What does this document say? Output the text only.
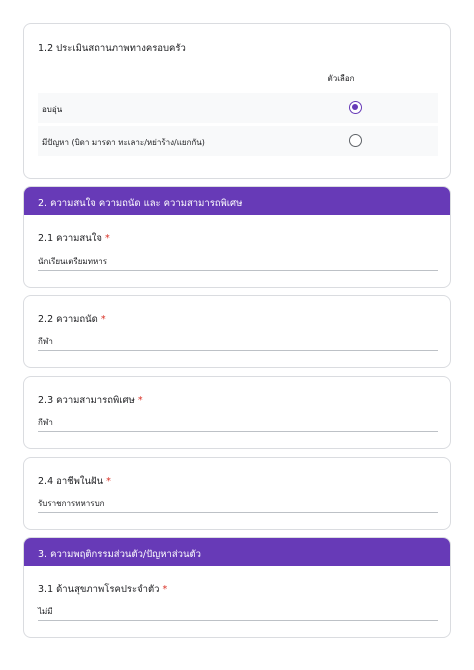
1.2 ประเมินสถานภาพทางครอบครัว
ตัวเลือก
อบอุ่น
มีปัญหา (บิดา มารดา ทะเลาะ/หย่าร้าง/แยกกัน)
2. ความสนใจ ความถนัด และ ความสามารถพิเศษ
2.1 ความสนใจ *
นักเรียนเตรียมทหาร
2.2 ความถนัด *
กีฬา
2.3 ความสามารถพิเศษ *
กีฬา
2.4 อาชีพในฝัน *
รับราชการทหารบก
3. ความพฤติกรรมส่วนตัว/ปัญหาส่วนตัว
3.1 ด้านสุขภาพโรคประจำตัว *
ไม่มี
